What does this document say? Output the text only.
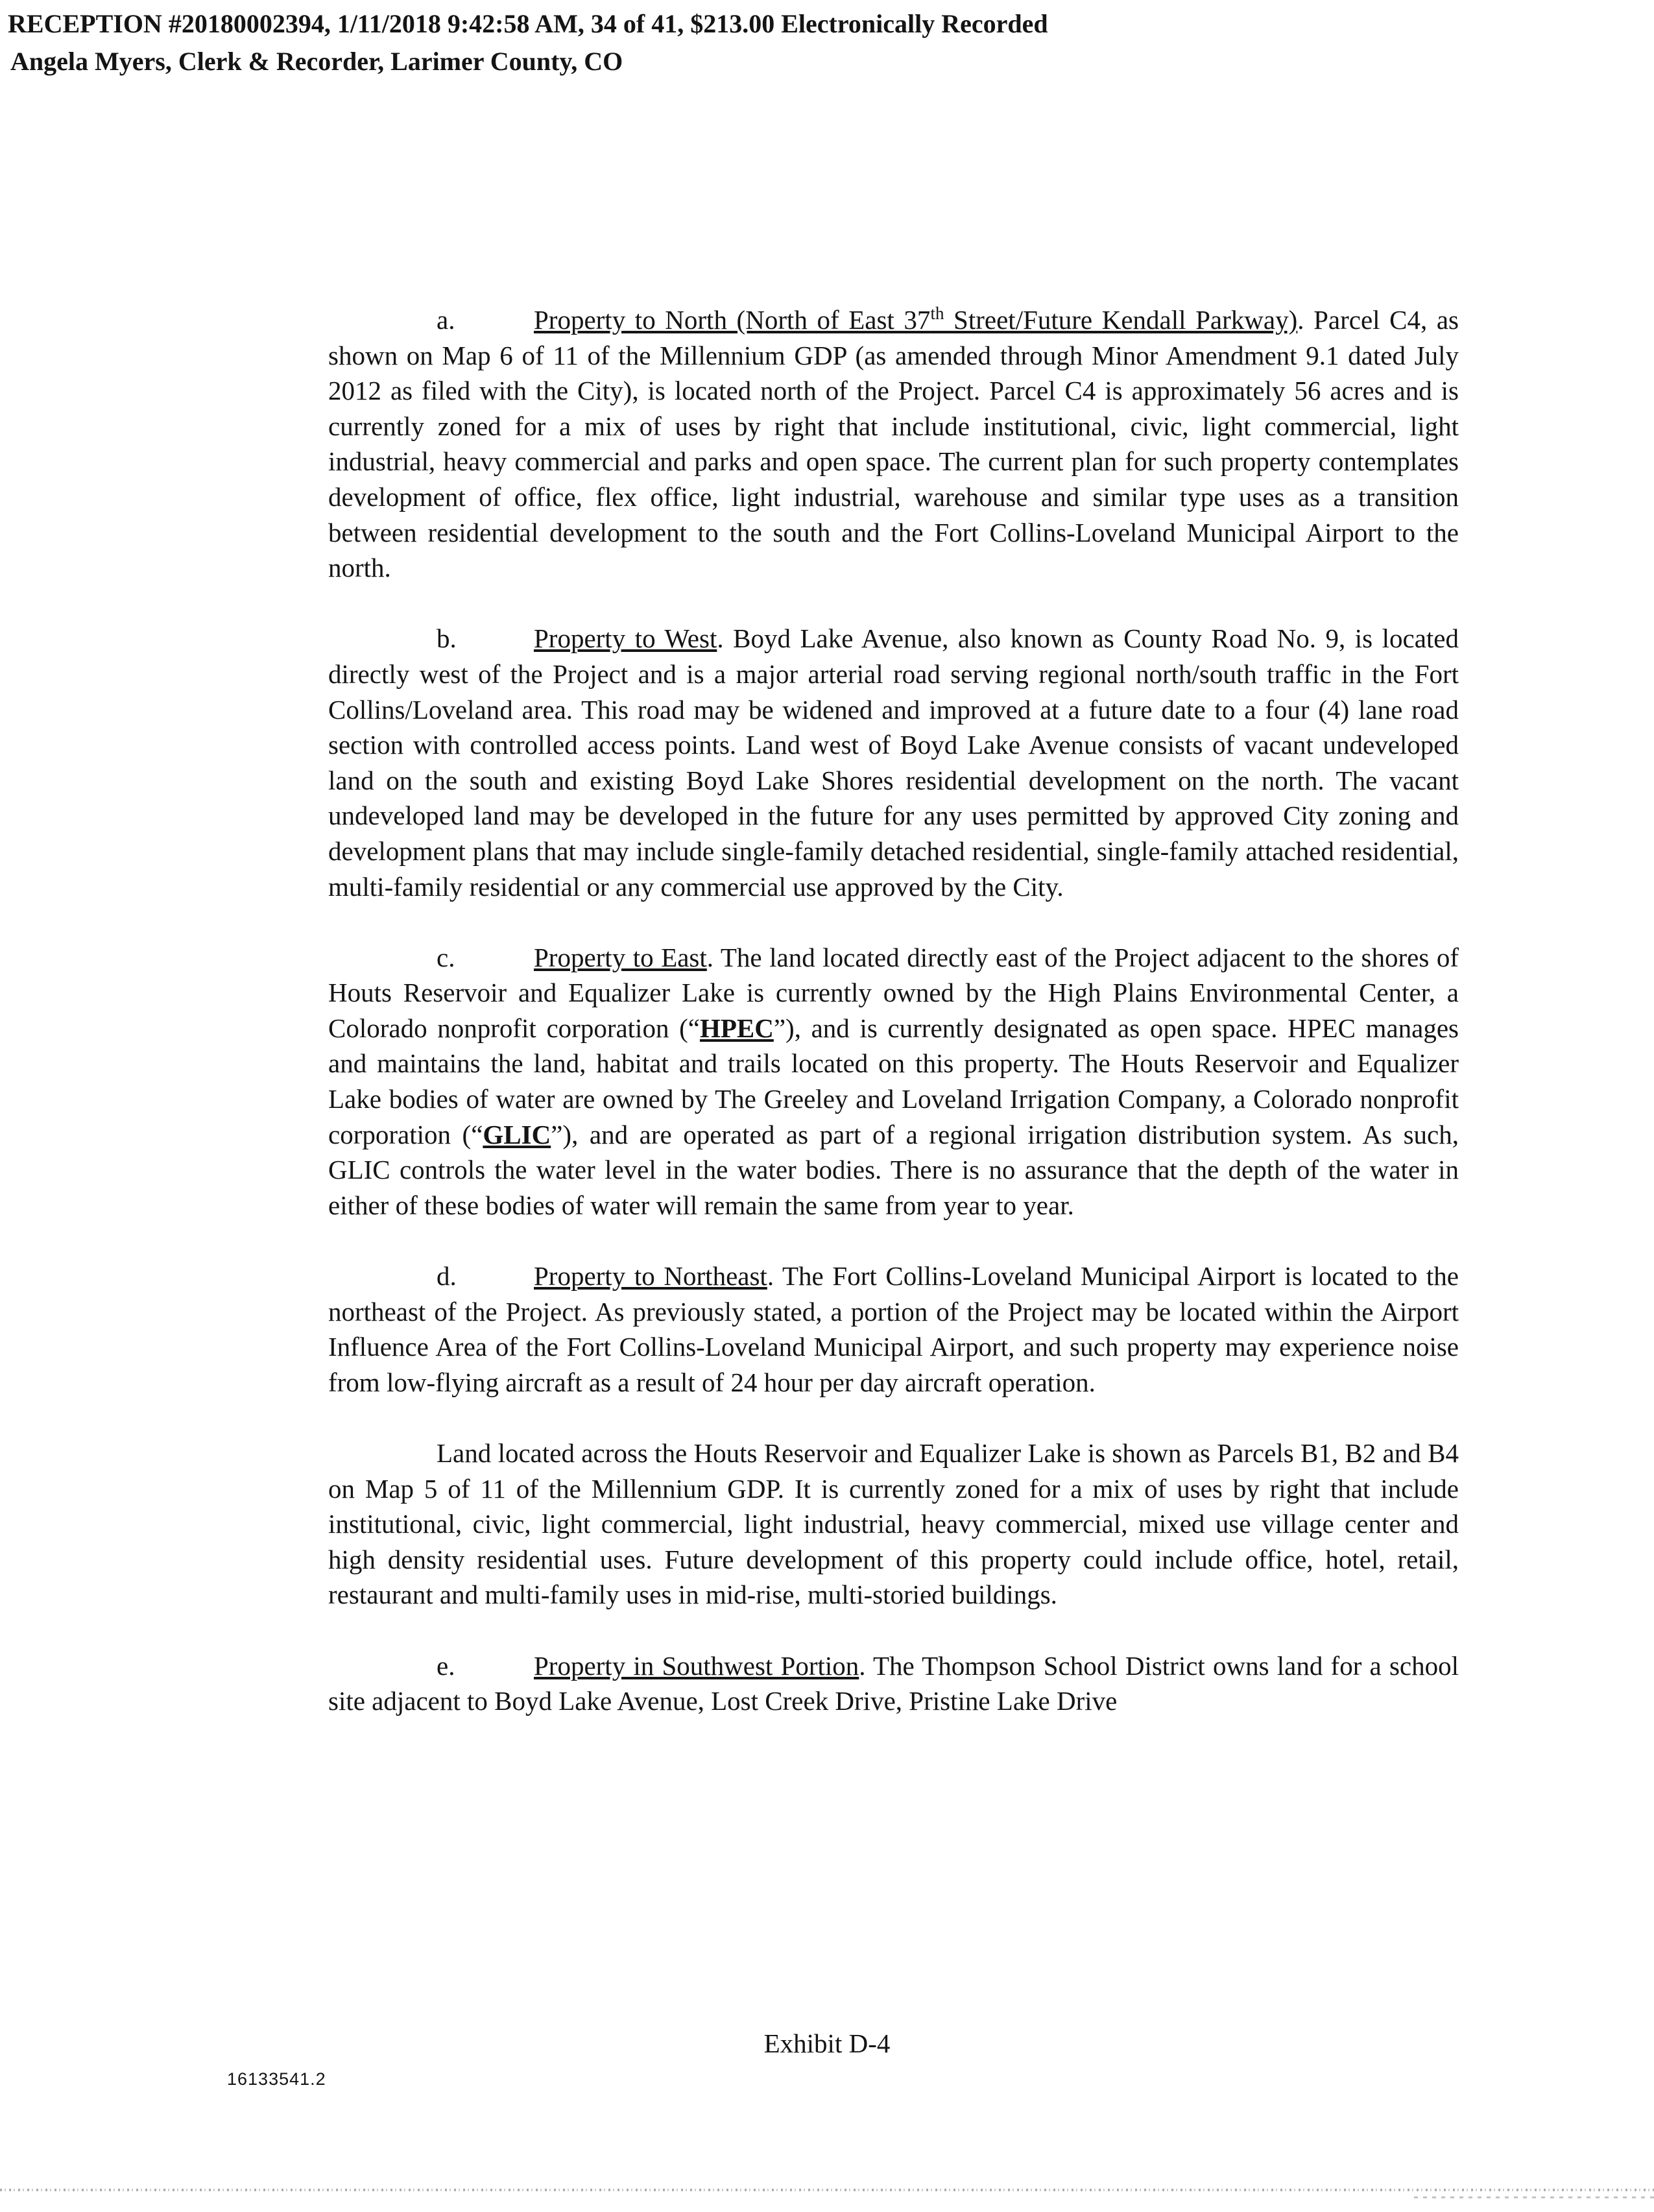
RECEPTION #20180002394, 1/11/2018 9:42:58 AM, 34 of 41, $213.00 Electronically Recorded
Angela Myers, Clerk & Recorder, Larimer County, CO

a.	Property to North (North of East 37th Street/Future Kendall Parkway). Parcel C4, as shown on Map 6 of 11 of the Millennium GDP (as amended through Minor Amendment 9.1 dated July 2012 as filed with the City), is located north of the Project. Parcel C4 is approximately 56 acres and is currently zoned for a mix of uses by right that include institutional, civic, light commercial, light industrial, heavy commercial and parks and open space. The current plan for such property contemplates development of office, flex office, light industrial, warehouse and similar type uses as a transition between residential development to the south and the Fort Collins-Loveland Municipal Airport to the north.

b.	Property to West. Boyd Lake Avenue, also known as County Road No. 9, is located directly west of the Project and is a major arterial road serving regional north/south traffic in the Fort Collins/Loveland area. This road may be widened and improved at a future date to a four (4) lane road section with controlled access points. Land west of Boyd Lake Avenue consists of vacant undeveloped land on the south and existing Boyd Lake Shores residential development on the north. The vacant undeveloped land may be developed in the future for any uses permitted by approved City zoning and development plans that may include single-family detached residential, single-family attached residential, multi-family residential or any commercial use approved by the City.

c.	Property to East. The land located directly east of the Project adjacent to the shores of Houts Reservoir and Equalizer Lake is currently owned by the High Plains Environmental Center, a Colorado nonprofit corporation (“HPEC”), and is currently designated as open space. HPEC manages and maintains the land, habitat and trails located on this property. The Houts Reservoir and Equalizer Lake bodies of water are owned by The Greeley and Loveland Irrigation Company, a Colorado nonprofit corporation (“GLIC”), and are operated as part of a regional irrigation distribution system. As such, GLIC controls the water level in the water bodies. There is no assurance that the depth of the water in either of these bodies of water will remain the same from year to year.

d.	Property to Northeast. The Fort Collins-Loveland Municipal Airport is located to the northeast of the Project. As previously stated, a portion of the Project may be located within the Airport Influence Area of the Fort Collins-Loveland Municipal Airport, and such property may experience noise from low-flying aircraft as a result of 24 hour per day aircraft operation.

Land located across the Houts Reservoir and Equalizer Lake is shown as Parcels B1, B2 and B4 on Map 5 of 11 of the Millennium GDP. It is currently zoned for a mix of uses by right that include institutional, civic, light commercial, light industrial, heavy commercial, mixed use village center and high density residential uses. Future development of this property could include office, hotel, retail, restaurant and multi-family uses in mid-rise, multi-storied buildings.

e.	Property in Southwest Portion. The Thompson School District owns land for a school site adjacent to Boyd Lake Avenue, Lost Creek Drive, Pristine Lake Drive

Exhibit D-4
16133541.2
